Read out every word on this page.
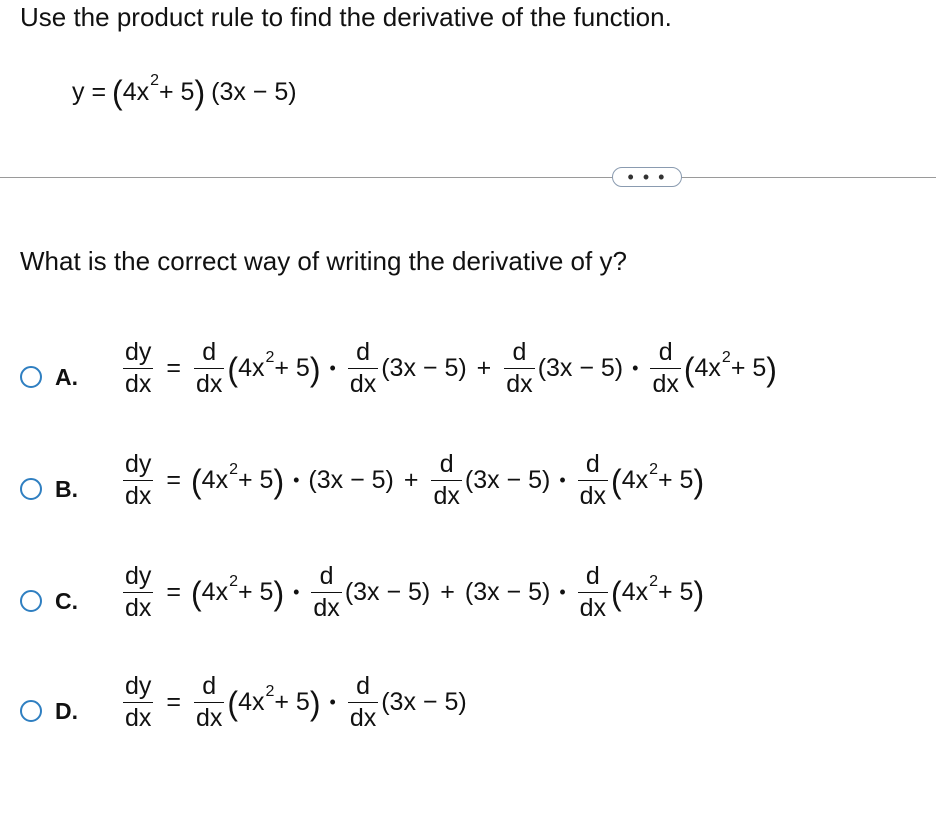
Use the product rule to find the derivative of the function.
y = ( 4x 2 + 5 ) (3x − 5)
• • •
What is the correct way of writing the derivative of y?
A. $\frac{dy}{dx} = \frac{d}{dx}$ ( 4x 2 + 5 ) • $\frac{d}{dx} (3x - 5) + \frac{d}{dx} (3x - 5)$ • $\frac{d}{dx}$ ( 4x 2 + 5 )
B. $\frac{dy}{dx}$ = ( 4x 2 + 5 ) • $(3x - 5) + \frac{d}{dx} (3x - 5)$ • $\frac{d}{dx}$ ( 4x 2 + 5 )
C. $\frac{dy}{dx}$ = ( 4x 2 + 5 ) • $\frac{d}{dx} (3x - 5) + (3x - 5)$ • $\frac{d}{dx}$ ( 4x 2 + 5 )
D. $\frac{dy}{dx} = \frac{d}{dx}$ ( 4x 2 + 5 ) • $\frac{d}{dx} (3x - 5)$
